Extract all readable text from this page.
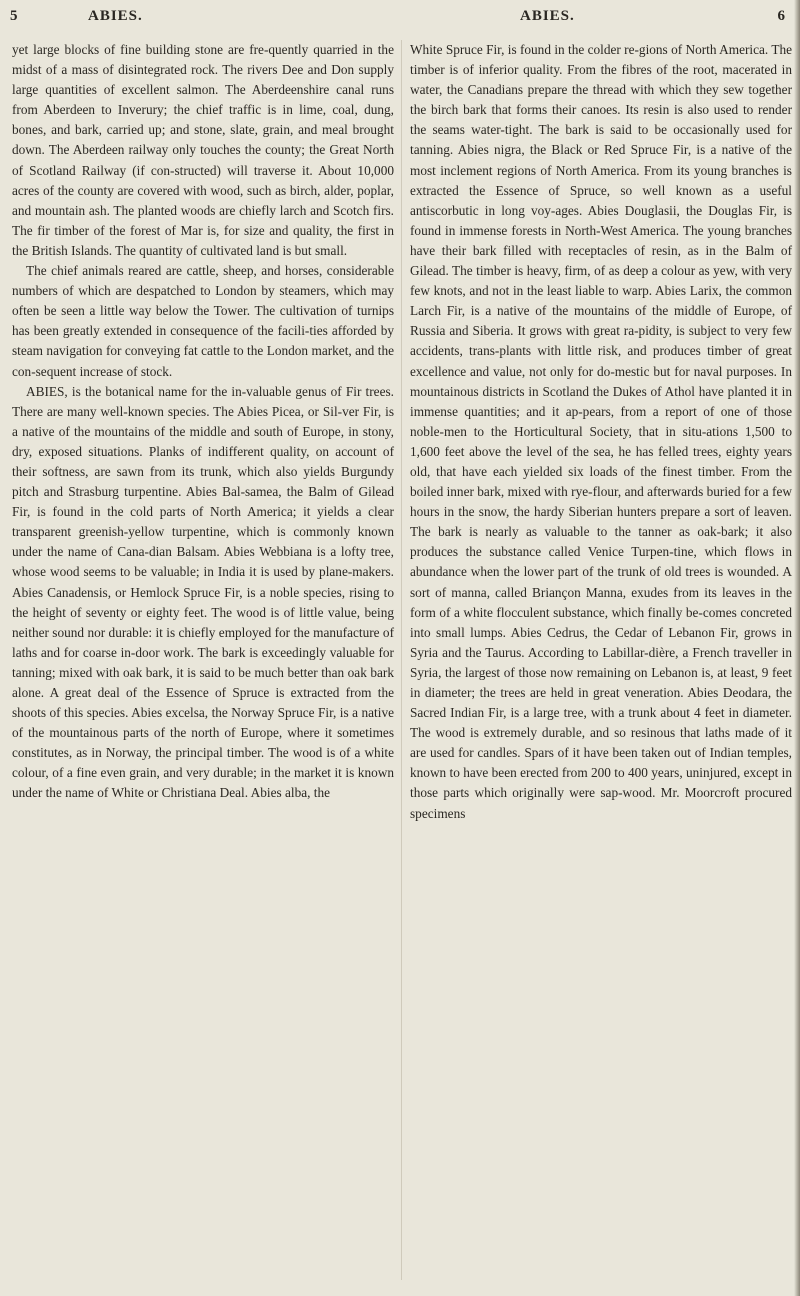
5	ABIES.	ABIES.	6

yet large blocks of fine building stone are fre-quently quarried in the midst of a mass of disintegrated rock. The rivers Dee and Don supply large quantities of excellent salmon. The Aberdeenshire canal runs from Aberdeen to Inverury; the chief traffic is in lime, coal, dung, bones, and bark, carried up; and stone, slate, grain, and meal brought down. The Aberdeen railway only touches the county; the Great North of Scotland Railway (if con-structed) will traverse it. About 10,000 acres of the county are covered with wood, such as birch, alder, poplar, and mountain ash. The planted woods are chiefly larch and Scotch firs. The fir timber of the forest of Mar is, for size and quality, the first in the British Islands. The quantity of cultivated land is but small.

The chief animals reared are cattle, sheep, and horses, considerable numbers of which are despatched to London by steamers, which may often be seen a little way below the Tower. The cultivation of turnips has been greatly extended in consequence of the facili-ties afforded by steam navigation for conveying fat cattle to the London market, and the con-sequent increase of stock.

ABIES, is the botanical name for the in-valuable genus of Fir trees. There are many well-known species. The Abies Picea, or Sil-ver Fir, is a native of the mountains of the middle and south of Europe, in stony, dry, exposed situations. Planks of indifferent quality, on account of their softness, are sawn from its trunk, which also yields Burgundy pitch and Strasburg turpentine. Abies Bal-samea, the Balm of Gilead Fir, is found in the cold parts of North America; it yields a clear transparent greenish-yellow turpentine, which is commonly known under the name of Cana-dian Balsam. Abies Webbiana is a lofty tree, whose wood seems to be valuable; in India it is used by plane-makers. Abies Canadensis, or Hemlock Spruce Fir, is a noble species, rising to the height of seventy or eighty feet. The wood is of little value, being neither sound nor durable: it is chiefly employed for the manufacture of laths and for coarse in-door work. The bark is exceedingly valuable for tanning; mixed with oak bark, it is said to be much better than oak bark alone. A great deal of the Essence of Spruce is extracted from the shoots of this species. Abies excelsa, the Norway Spruce Fir, is a native of the mountainous parts of the north of Europe, where it sometimes constitutes, as in Norway, the principal timber. The wood is of a white colour, of a fine even grain, and very durable; in the market it is known under the name of White or Christiana Deal. Abies alba, the

White Spruce Fir, is found in the colder re-gions of North America. The timber is of inferior quality. From the fibres of the root, macerated in water, the Canadians prepare the thread with which they sew together the birch bark that forms their canoes. Its resin is also used to render the seams water-tight. The bark is said to be occasionally used for tanning. Abies nigra, the Black or Red Spruce Fir, is a native of the most inclement regions of North America. From its young branches is extracted the Essence of Spruce, so well known as a useful antiscorbutic in long voy-ages. Abies Douglasii, the Douglas Fir, is found in immense forests in North-West America. The young branches have their bark filled with receptacles of resin, as in the Balm of Gilead. The timber is heavy, firm, of as deep a colour as yew, with very few knots, and not in the least liable to warp. Abies Larix, the common Larch Fir, is a native of the mountains of the middle of Europe, of Russia and Siberia. It grows with great ra-pidity, is subject to very few accidents, trans-plants with little risk, and produces timber of great excellence and value, not only for do-mestic but for naval purposes. In mountainous districts in Scotland the Dukes of Athol have planted it in immense quantities; and it ap-pears, from a report of one of those noble-men to the Horticultural Society, that in situ-ations 1,500 to 1,600 feet above the level of the sea, he has felled trees, eighty years old, that have each yielded six loads of the finest timber. From the boiled inner bark, mixed with rye-flour, and afterwards buried for a few hours in the snow, the hardy Siberian hunters prepare a sort of leaven. The bark is nearly as valuable to the tanner as oak-bark; it also produces the substance called Venice Turpen-tine, which flows in abundance when the lower part of the trunk of old trees is wounded. A sort of manna, called Briançon Manna, exudes from its leaves in the form of a white flocculent substance, which finally be-comes concreted into small lumps. Abies Cedrus, the Cedar of Lebanon Fir, grows in Syria and the Taurus. According to Labillar-dière, a French traveller in Syria, the largest of those now remaining on Lebanon is, at least, 9 feet in diameter; the trees are held in great veneration. Abies Deodara, the Sacred Indian Fir, is a large tree, with a trunk about 4 feet in diameter. The wood is extremely durable, and so resinous that laths made of it are used for candles. Spars of it have been taken out of Indian temples, known to have been erected from 200 to 400 years, uninjured, except in those parts which originally were sap-wood. Mr. Moorcroft procured specimens
